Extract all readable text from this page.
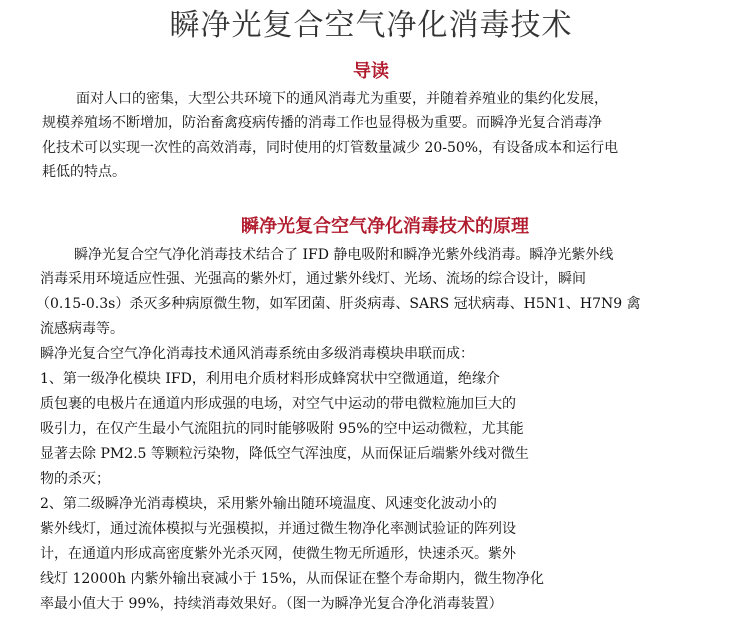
瞬净光复合空气净化消毒技术
导读
面对人口的密集，大型公共环境下的通风消毒尤为重要，并随着养殖业的集约化发展，
规模养殖场不断增加，防治畜禽疫病传播的消毒工作也显得极为重要。而瞬净光复合消毒净
化技术可以实现一次性的高效消毒，同时使用的灯管数量减少 20-50%，有设备成本和运行电
耗低的特点。
瞬净光复合空气净化消毒技术的原理
瞬净光复合空气净化消毒技术结合了 IFD 静电吸附和瞬净光紫外线消毒。瞬净光紫外线
消毒采用环境适应性强、光强高的紫外灯，通过紫外线灯、光场、流场的综合设计，瞬间
（0.15-0.3s）杀灭多种病原微生物，如军团菌、肝炎病毒、SARS 冠状病毒、H5N1、H7N9 禽
流感病毒等。
瞬净光复合空气净化消毒技术通风消毒系统由多级消毒模块串联而成：
1、第一级净化模块 IFD，利用电介质材料形成蜂窝状中空微通道，绝缘介
质包裹的电极片在通道内形成强的电场，对空气中运动的带电微粒施加巨大的
吸引力，在仅产生最小气流阻抗的同时能够吸附 95%的空中运动微粒，尤其能
显著去除 PM2.5 等颗粒污染物，降低空气浑浊度，从而保证后端紫外线对微生
物的杀灭；
2、第二级瞬净光消毒模块，采用紫外输出随环境温度、风速变化波动小的
紫外线灯，通过流体模拟与光强模拟，并通过微生物净化率测试验证的阵列设
计，在通道内形成高密度紫外光杀灭网，使微生物无所遁形，快速杀灭。紫外
线灯 12000h 内紫外输出衰减小于 15%，从而保证在整个寿命期内，微生物净化
率最小值大于 99%，持续消毒效果好。（图一为瞬净光复合净化消毒装置）
